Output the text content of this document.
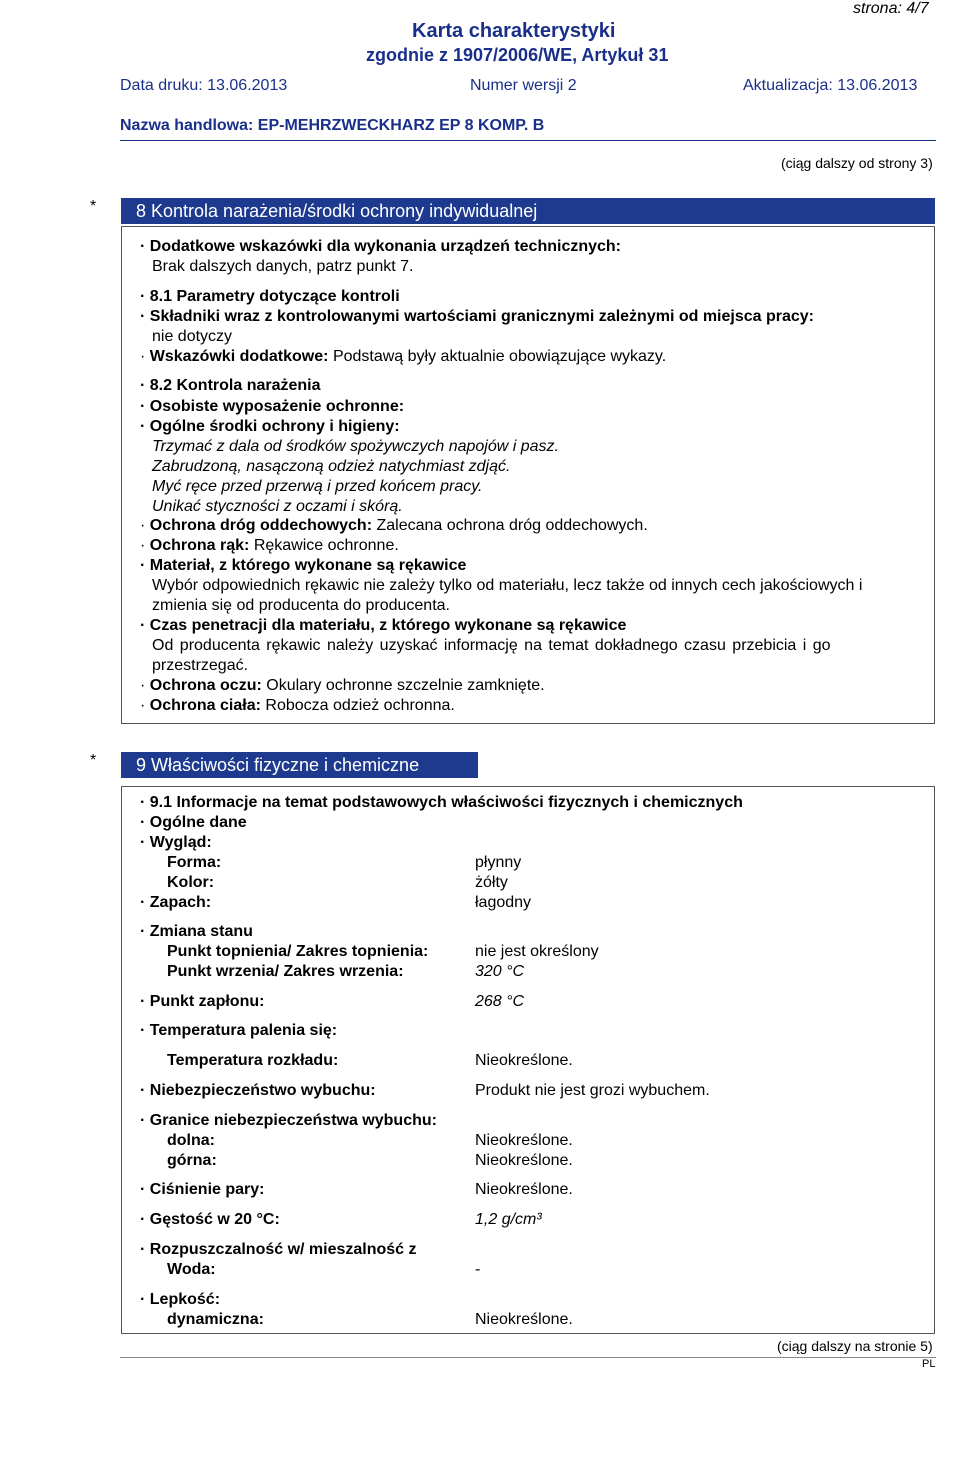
strona: 4/7
Karta charakterystyki
zgodnie z 1907/2006/WE, Artykuł 31
Data druku: 13.06.2013	Numer wersji 2	Aktualizacja: 13.06.2013
Nazwa handlowa: EP-MEHRZWECKHARZ EP 8 KOMP. B
(ciąg dalszy od strony 3)
*	8 Kontrola narażenia/środki ochrony indywidualnej
· Dodatkowe wskazówki dla wykonania urządzeń technicznych:
Brak dalszych danych, patrz punkt 7.
· 8.1 Parametry dotyczące kontroli
· Składniki wraz z kontrolowanymi wartościami granicznymi zależnymi od miejsca pracy:
nie dotyczy
· Wskazówki dodatkowe: Podstawą były aktualnie obowiązujące wykazy.
· 8.2 Kontrola narażenia
· Osobiste wyposażenie ochronne:
· Ogólne środki ochrony i higieny:
Trzymać z dala od środków spożywczych napojów i pasz.
Zabrudzoną, nasączoną odzież natychmiast zdjąć.
Myć ręce przed przerwą i przed końcem pracy.
Unikać styczności z oczami i skórą.
· Ochrona dróg oddechowych: Zalecana ochrona dróg oddechowych.
· Ochrona rąk: Rękawice ochronne.
· Materiał, z którego wykonane są rękawice
Wybór odpowiednich rękawic nie zależy tylko od materiału, lecz także od innych cech jakościowych i
zmienia się od producenta do producenta.
· Czas penetracji dla materiału, z którego wykonane są rękawice
Od producenta rękawic należy uzyskać informację na temat dokładnego czasu przebicia i go
przestrzegać.
· Ochrona oczu: Okulary ochronne szczelnie zamknięte.
· Ochrona ciała: Robocza odzież ochronna.
*	9 Właściwości fizyczne i chemiczne
· 9.1 Informacje na temat podstawowych właściwości fizycznych i chemicznych
· Ogólne dane
· Wygląd:
Forma:	płynny
Kolor:	żółty
· Zapach:	łagodny
· Zmiana stanu
Punkt topnienia/ Zakres topnienia:	nie jest określony
Punkt wrzenia/ Zakres wrzenia:	320 °C
· Punkt zapłonu:	268 °C
· Temperatura palenia się:
Temperatura rozkładu:	Nieokreślone.
· Niebezpieczeństwo wybuchu:	Produkt nie jest grozi wybuchem.
· Granice niebezpieczeństwa wybuchu:
dolna:	Nieokreślone.
górna:	Nieokreślone.
· Ciśnienie pary:	Nieokreślone.
· Gęstość w 20 °C:	1,2 g/cm³
· Rozpuszczalność w/ mieszalność z
Woda:	-
· Lepkość:
dynamiczna:	Nieokreślone.
(ciąg dalszy na stronie 5)
PL
